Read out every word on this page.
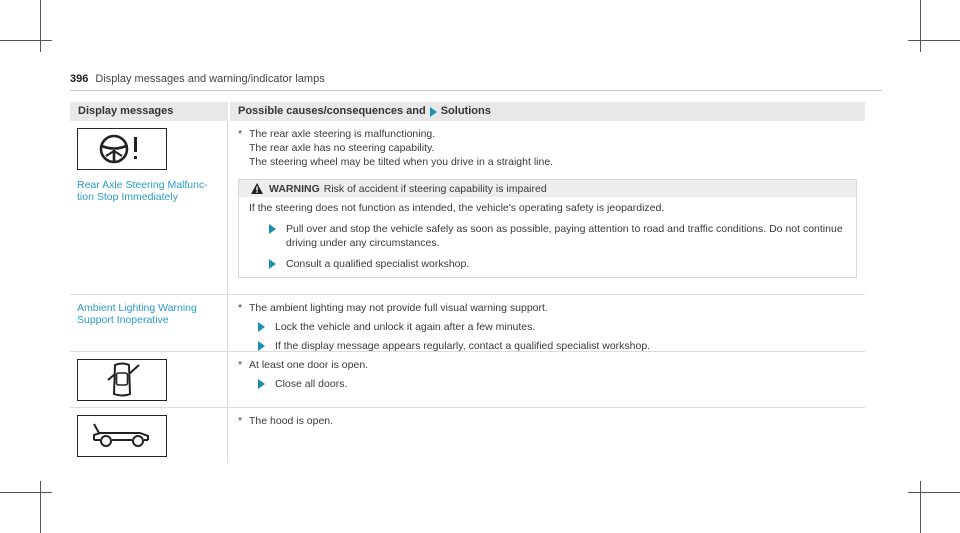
396 Display messages and warning/indicator lamps
Display messages	Possible causes/consequences and Solutions
Rear Axle Steering Malfunc- tion Stop Immediately
* The rear axle steering is malfunctioning.
The rear axle has no steering capability.
The steering wheel may be tilted when you drive in a straight line.
WARNING Risk of accident if steering capability is impaired
If the steering does not function as intended, the vehicle's operating safety is jeopardized.
Pull over and stop the vehicle safely as soon as possible, paying attention to road and traffic conditions. Do not continue driving under any circumstances.
Consult a qualified specialist workshop.
Ambient Lighting Warning Support Inoperative
* The ambient lighting may not provide full visual warning support.
Lock the vehicle and unlock it again after a few minutes.
If the display message appears regularly, contact a qualified specialist workshop.
* At least one door is open.
Close all doors.
* The hood is open.
